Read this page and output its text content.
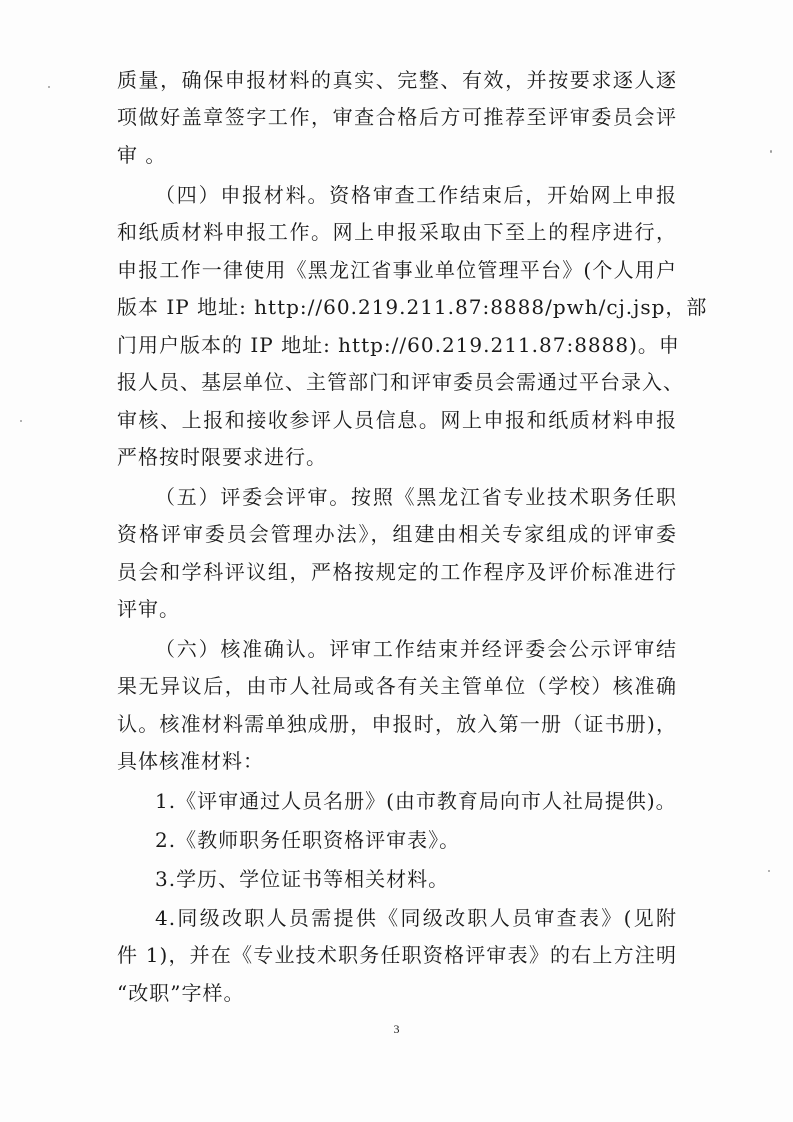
质量，确保申报材料的真实、完整、有效，并按要求逐人逐
项做好盖章签字工作，审查合格后方可推荐至评审委员会评
审 。
（四）申报材料。资格审查工作结束后，开始网上申报
和纸质材料申报工作。网上申报采取由下至上的程序进行，
申报工作一律使用《黑龙江省事业单位管理平台》(个人用户
版本 IP 地址: http://60.219.211.87:8888/pwh/cj.jsp，部
门用户版本的 IP 地址: http://60.219.211.87:8888)。申
报人员、基层单位、主管部门和评审委员会需通过平台录入、
审核、上报和接收参评人员信息。网上申报和纸质材料申报
严格按时限要求进行。
（五）评委会评审。按照《黑龙江省专业技术职务任职
资格评审委员会管理办法》，组建由相关专家组成的评审委
员会和学科评议组，严格按规定的工作程序及评价标准进行
评审。
（六）核准确认。评审工作结束并经评委会公示评审结
果无异议后，由市人社局或各有关主管单位（学校）核准确
认。核准材料需单独成册，申报时，放入第一册（证书册)，
具体核准材料：
1.《评审通过人员名册》(由市教育局向市人社局提供)。
2.《教师职务任职资格评审表》。
3.学历、学位证书等相关材料。
4.同级改职人员需提供《同级改职人员审查表》(见附
件 1)，并在《专业技术职务任职资格评审表》的右上方注明
“改职”字样。
3
